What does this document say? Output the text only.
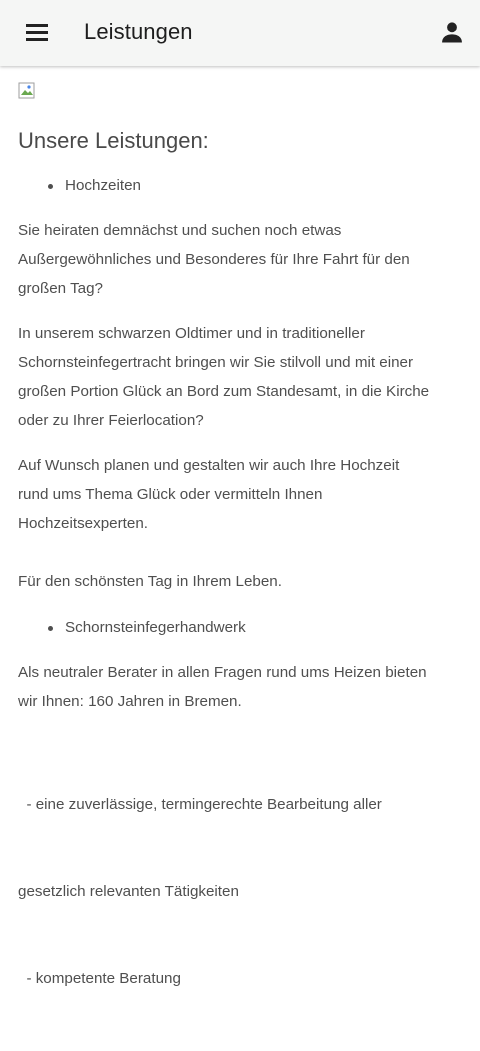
Leistungen
Unsere Leistungen:
Hochzeiten
Sie heiraten demnächst und suchen noch etwas
Außergewöhnliches und Besonderes für Ihre Fahrt für den
großen Tag?
In unserem schwarzen Oldtimer und in traditioneller
Schornsteinfegertracht bringen wir Sie stilvoll und mit einer
großen Portion Glück an Bord zum Standesamt, in die Kirche
oder zu Ihrer Feierlocation?
Auf Wunsch planen und gestalten wir auch Ihre Hochzeit
rund ums Thema Glück oder vermitteln Ihnen
Hochzeitsexperten.
Für den schönsten Tag in Ihrem Leben.
Schornsteinfegerhandwerk
Als neutraler Berater in allen Fragen rund ums Heizen bieten
wir Ihnen: 160 Jahren in Bremen.

- eine zuverlässige, termingerechte Bearbeitung aller

gesetzlich relevanten Tätigkeiten

- kompetente Beratung
